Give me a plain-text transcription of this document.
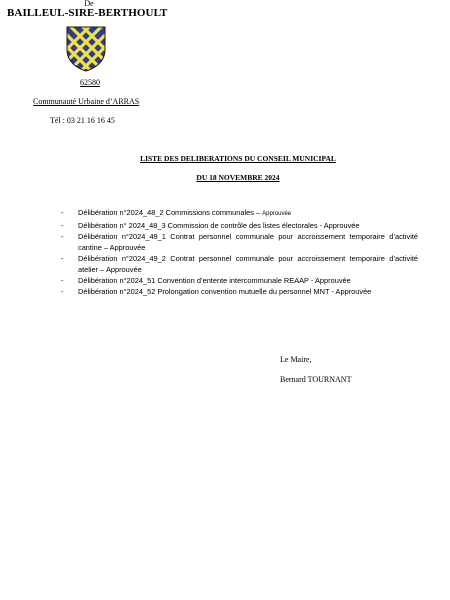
De
BAILLEUL-SIRE-BERTHOULT
62580
Communauté Urbaine d’ARRAS
Tél : 03 21 16 16 45
LISTE DES DELIBERATIONS DU CONSEIL MUNICIPAL
DU 18 NOVEMBRE 2024
- Délibération n°2024_48_2 Commissions communales – Approuvée
- Délibération n° 2024_48_3 Commission de contrôle des listes électorales - Approuvée
- Délibération n°2024_49_1 Contrat personnel communale pour accroissement temporaire d’activité cantine – Approuvée
- Délibération n°2024_49_2 Contrat personnel communale pour accroissement temporaire d’activité atelier – Approuvée
- Délibération n°2024_51 Convention d’entente intercommunale REAAP - Approuvée
- Délibération n°2024_52 Prolongation convention mutuelle du personnel MNT - Approuvée
Le Maire,
Bernard TOURNANT
